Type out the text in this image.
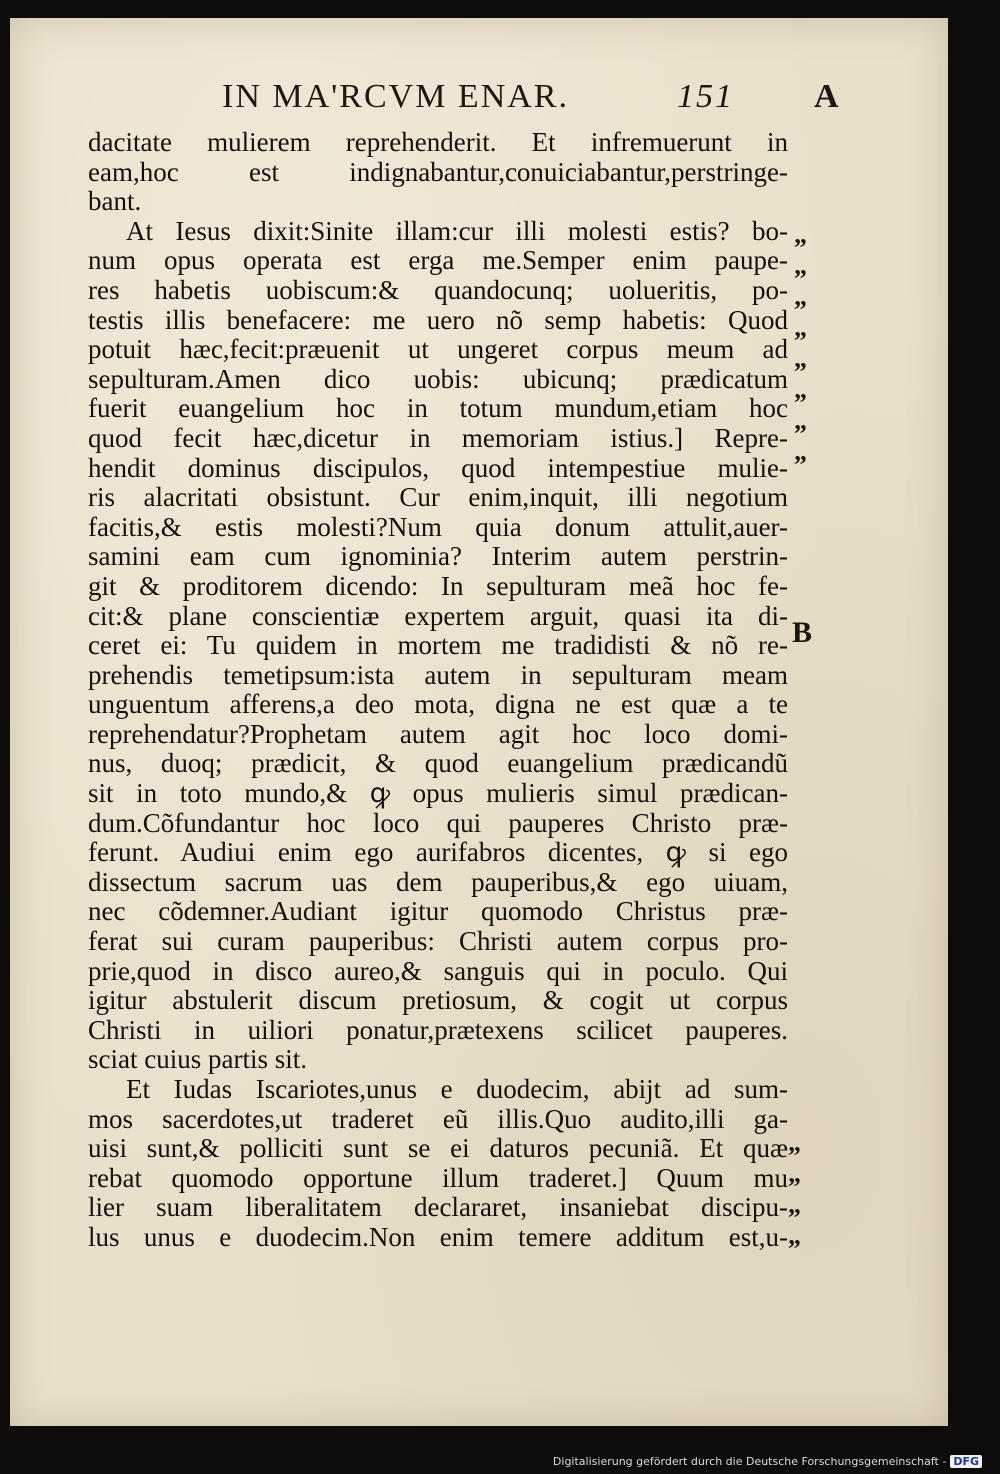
IN MA'RCVM ENAR.	151 A
dacitate mulierem reprehenderit. Et infremuerunt in
eam,hoc est indignabantur,conuiciabantur,perstringe-
bant.
At Iesus dixit:Sinite illam:cur illi molesti estis? bo-
num opus operata est erga me.Semper enim paupe-
res habetis uobiscum:& quandocunq; uolueritis, po-
testis illis benefacere: me uero nõ semp habetis: Quod
potuit hæc,fecit:præuenit ut ungeret corpus meum ad
sepulturam.Amen dico uobis: ubicunq; prædicatum
fuerit euangelium hoc in totum mundum,etiam hoc
quod fecit hæc,dicetur in memoriam istius.] Repre-
hendit dominus discipulos, quod intempestiue mulie-
ris alacritati obsistunt. Cur enim,inquit, illi negotium
facitis,& estis molesti?Num quia donum attulit,auer-
samini eam cum ignominia? Interim autem perstrin-
git & proditorem dicendo: In sepulturam meã hoc fe-
cit:& plane conscientiæ expertem arguit, quasi ita di-
ceret ei: Tu quidem in mortem me tradidisti & nõ re-
prehendis temetipsum:ista autem in sepulturam meam
unguentum afferens,a deo mota, digna ne est quæ a te
reprehendatur?Prophetam autem agit hoc loco domi-
nus, duoq; prædicit, & quod euangelium prædicandũ
sit in toto mundo,& ꝙ opus mulieris simul prædican-
dum.Cõfundantur hoc loco qui pauperes Christo præ-
ferunt. Audiui enim ego aurifabros dicentes, ꝙ si ego
dissectum sacrum uas dem pauperibus,& ego uiuam,
nec cõdemner.Audiant igitur quomodo Christus præ-
ferat sui curam pauperibus: Christi autem corpus pro-
prie,quod in disco aureo,& sanguis qui in poculo. Qui
igitur abstulerit discum pretiosum, & cogit ut corpus
Christi in uiliori ponatur,prætexens scilicet pauperes.
sciat cuius partis sit.
Et Iudas Iscariotes,unus e duodecim, abijt ad sum-
mos sacerdotes,ut traderet eũ illis.Quo audito,illi ga-
uisi sunt,& polliciti sunt se ei daturos pecuniã. Et quæ
rebat quomodo opportune illum traderet.] Quum mu
lier suam liberalitatem declararet, insaniebat discipu-
lus unus e duodecim.Non enim temere additum est,u-
„
„
„
„
„
„
„
„
B
„
„
„
„
Digitalisierung gefördert durch die Deutsche Forschungsgemeinschaft - DFG
